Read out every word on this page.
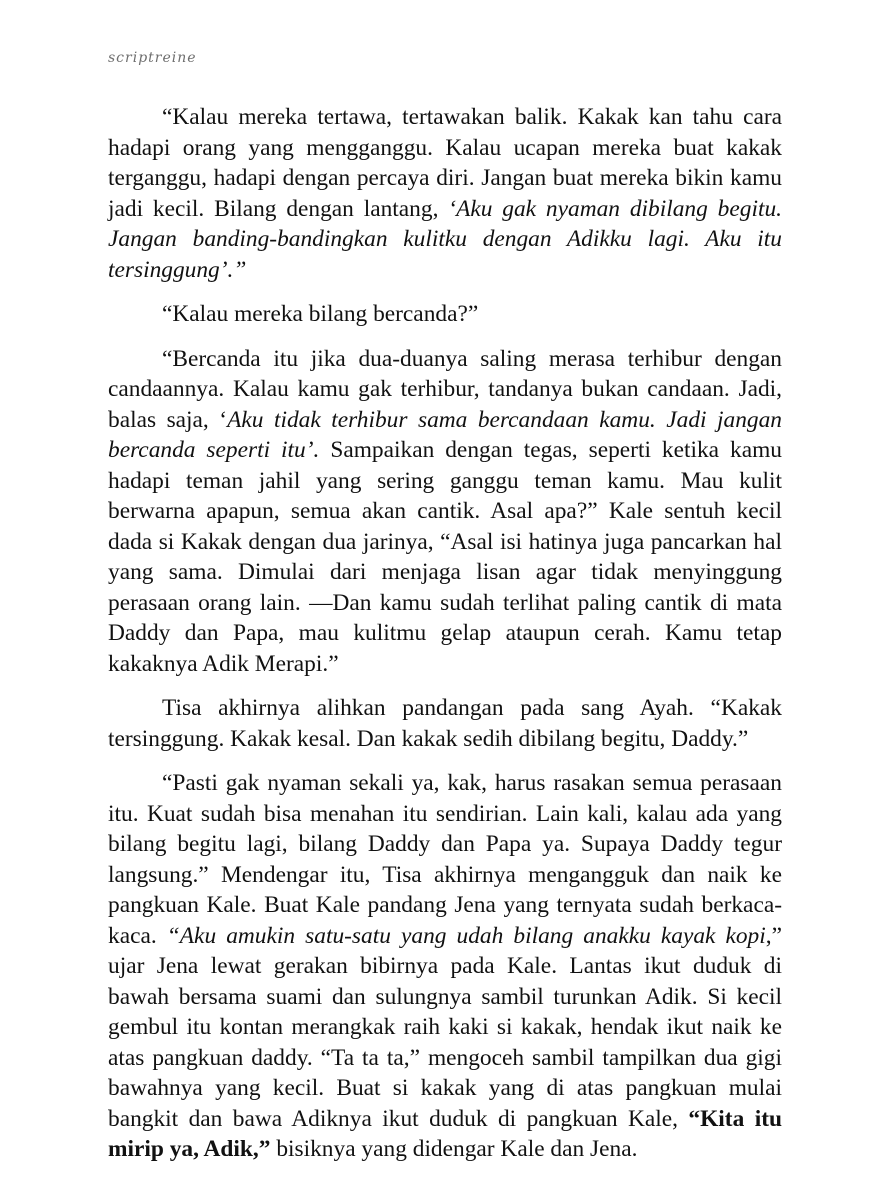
scriptreine

“Kalau mereka tertawa, tertawakan balik. Kakak kan tahu cara hadapi orang yang mengganggu. Kalau ucapan mereka buat kakak terganggu, hadapi dengan percaya diri. Jangan buat mereka bikin kamu jadi kecil. Bilang dengan lantang, ‘Aku gak nyaman dibilang begitu. Jangan banding-bandingkan kulitku dengan Adikku lagi. Aku itu tersinggung’.”

“Kalau mereka bilang bercanda?”

“Bercanda itu jika dua-duanya saling merasa terhibur dengan candaannya. Kalau kamu gak terhibur, tandanya bukan candaan. Jadi, balas saja, ‘Aku tidak terhibur sama bercandaan kamu. Jadi jangan bercanda seperti itu’. Sampaikan dengan tegas, seperti ketika kamu hadapi teman jahil yang sering ganggu teman kamu. Mau kulit berwarna apapun, semua akan cantik. Asal apa?” Kale sentuh kecil dada si Kakak dengan dua jarinya, “Asal isi hatinya juga pancarkan hal yang sama. Dimulai dari menjaga lisan agar tidak menyinggung perasaan orang lain. —Dan kamu sudah terlihat paling cantik di mata Daddy dan Papa, mau kulitmu gelap ataupun cerah. Kamu tetap kakaknya Adik Merapi.”

Tisa akhirnya alihkan pandangan pada sang Ayah. “Kakak tersinggung. Kakak kesal. Dan kakak sedih dibilang begitu, Daddy.”

“Pasti gak nyaman sekali ya, kak, harus rasakan semua perasaan itu. Kuat sudah bisa menahan itu sendirian. Lain kali, kalau ada yang bilang begitu lagi, bilang Daddy dan Papa ya. Supaya Daddy tegur langsung.” Mendengar itu, Tisa akhirnya mengangguk dan naik ke pangkuan Kale. Buat Kale pandang Jena yang ternyata sudah berkaca-kaca. “Aku amukin satu-satu yang udah bilang anakku kayak kopi,” ujar Jena lewat gerakan bibirnya pada Kale. Lantas ikut duduk di bawah bersama suami dan sulungnya sambil turunkan Adik. Si kecil gembul itu kontan merangkak raih kaki si kakak, hendak ikut naik ke atas pangkuan daddy. “Ta ta ta,” mengoceh sambil tampilkan dua gigi bawahnya yang kecil. Buat si kakak yang di atas pangkuan mulai bangkit dan bawa Adiknya ikut duduk di pangkuan Kale, “Kita itu mirip ya, Adik,” bisiknya yang didengar Kale dan Jena.
